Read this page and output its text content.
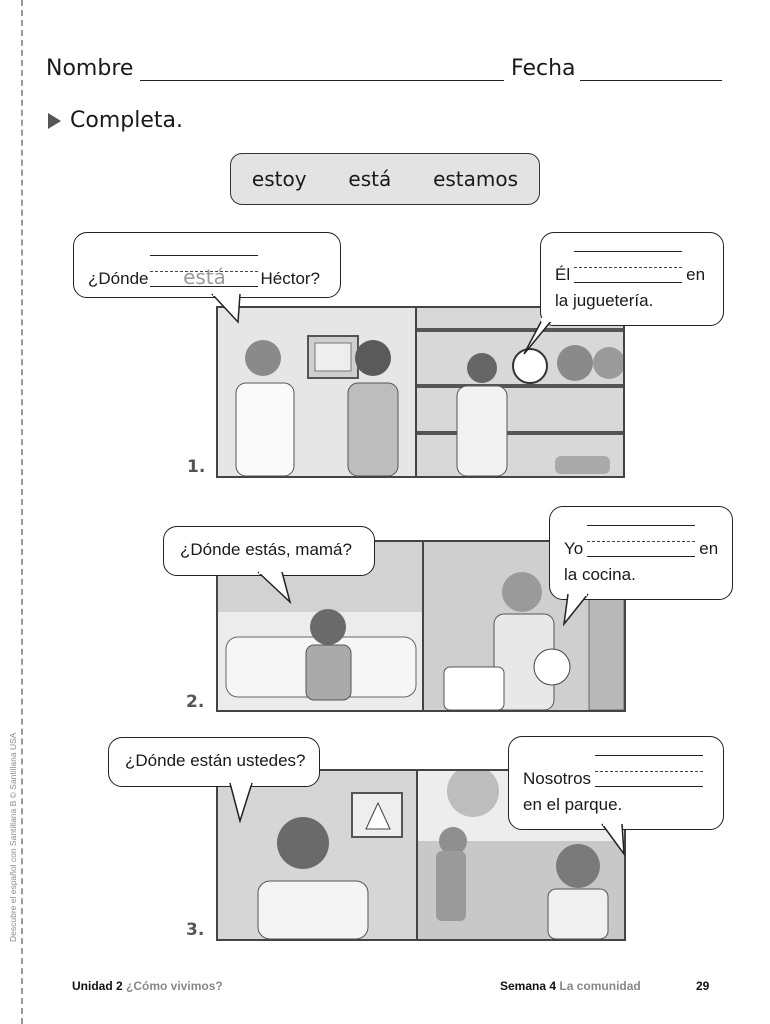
Descubre el español con Santillana B © Santillana USA
Nombre	Fecha
Completa.
estoy está estamos
1.
¿Dónde	está	Héctor?	Él	en
la juguetería.
2.
¿Dónde estás, mamá?	Yo	en
la cocina.
3.
¿Dónde están ustedes?
Nosotros
en el parque.
Unidad 2 ¿Cómo vivimos?	Semana 4 La comunidad	29
